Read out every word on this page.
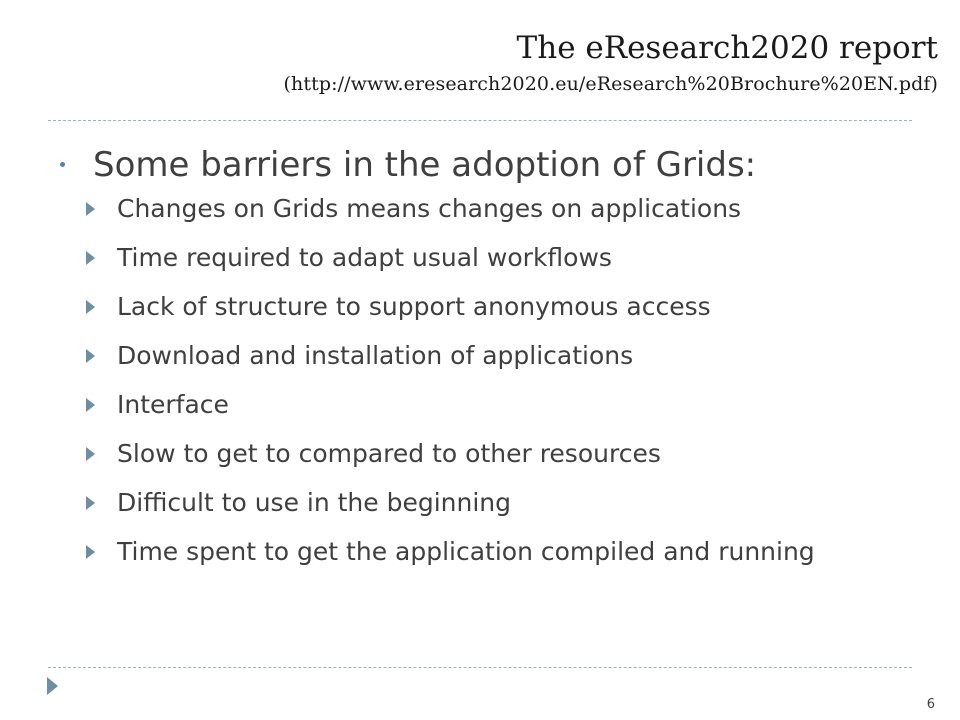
The eResearch2020 report
(http://www.eresearch2020.eu/eResearch%20Brochure%20EN.pdf)
Some barriers in the adoption of Grids:
Changes on Grids means changes on applications
Time required to adapt usual workflows
Lack of structure to support anonymous access
Download and installation of applications
Interface
Slow to get to compared to other resources
Difficult to use in the beginning
Time spent to get the application compiled and running
6
